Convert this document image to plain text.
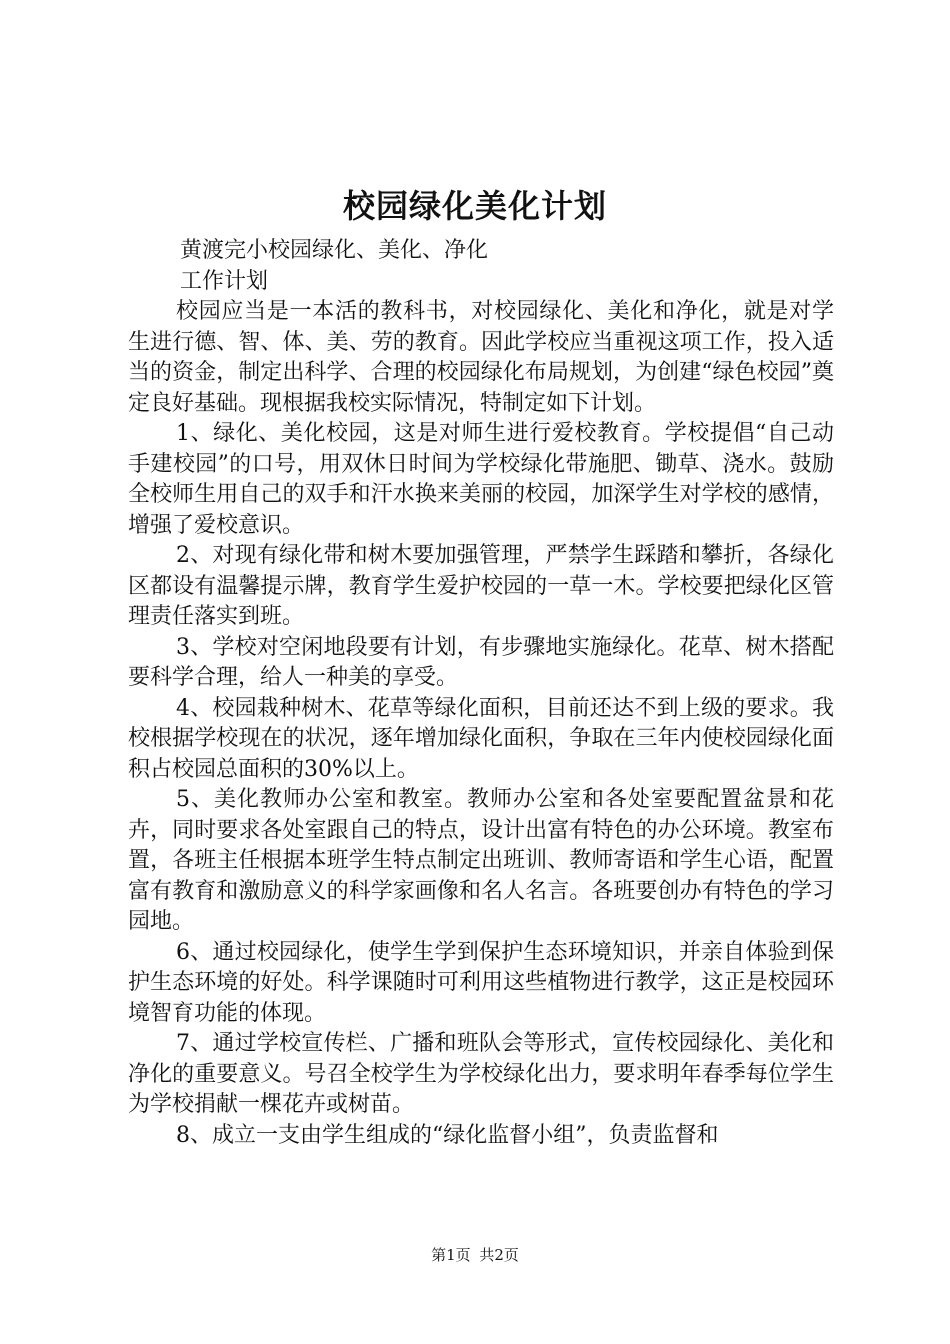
校园绿化美化计划

黄渡完小校园绿化、美化、净化

工作计划

校园应当是一本活的教科书，对校园绿化、美化和净化，就是对学生进行德、智、体、美、劳的教育。因此学校应当重视这项工作，投入适当的资金，制定出科学、合理的校园绿化布局规划，为创建“绿色校园”奠定良好基础。现根据我校实际情况，特制定如下计划。

1、绿化、美化校园，这是对师生进行爱校教育。学校提倡“自己动手建校园”的口号，用双休日时间为学校绿化带施肥、锄草、浇水。鼓励全校师生用自己的双手和汗水换来美丽的校园，加深学生对学校的感情，增强了爱校意识。

2、对现有绿化带和树木要加强管理，严禁学生踩踏和攀折，各绿化区都设有温馨提示牌，教育学生爱护校园的一草一木。学校要把绿化区管理责任落实到班。

3、学校对空闲地段要有计划，有步骤地实施绿化。花草、树木搭配要科学合理，给人一种美的享受。

4、校园栽种树木、花草等绿化面积，目前还达不到上级的要求。我校根据学校现在的状况，逐年增加绿化面积，争取在三年内使校园绿化面积占校园总面积的30%以上。

5、美化教师办公室和教室。教师办公室和各处室要配置盆景和花卉，同时要求各处室跟自己的特点，设计出富有特色的办公环境。教室布置，各班主任根据本班学生特点制定出班训、教师寄语和学生心语，配置富有教育和激励意义的科学家画像和名人名言。各班要创办有特色的学习园地。

6、通过校园绿化，使学生学到保护生态环境知识，并亲自体验到保护生态环境的好处。科学课随时可利用这些植物进行教学，这正是校园环境智育功能的体现。

7、通过学校宣传栏、广播和班队会等形式，宣传校园绿化、美化和净化的重要意义。号召全校学生为学校绿化出力，要求明年春季每位学生为学校捐献一棵花卉或树苗。

8、成立一支由学生组成的“绿化监督小组”，负责监督和

第1页 共2页
